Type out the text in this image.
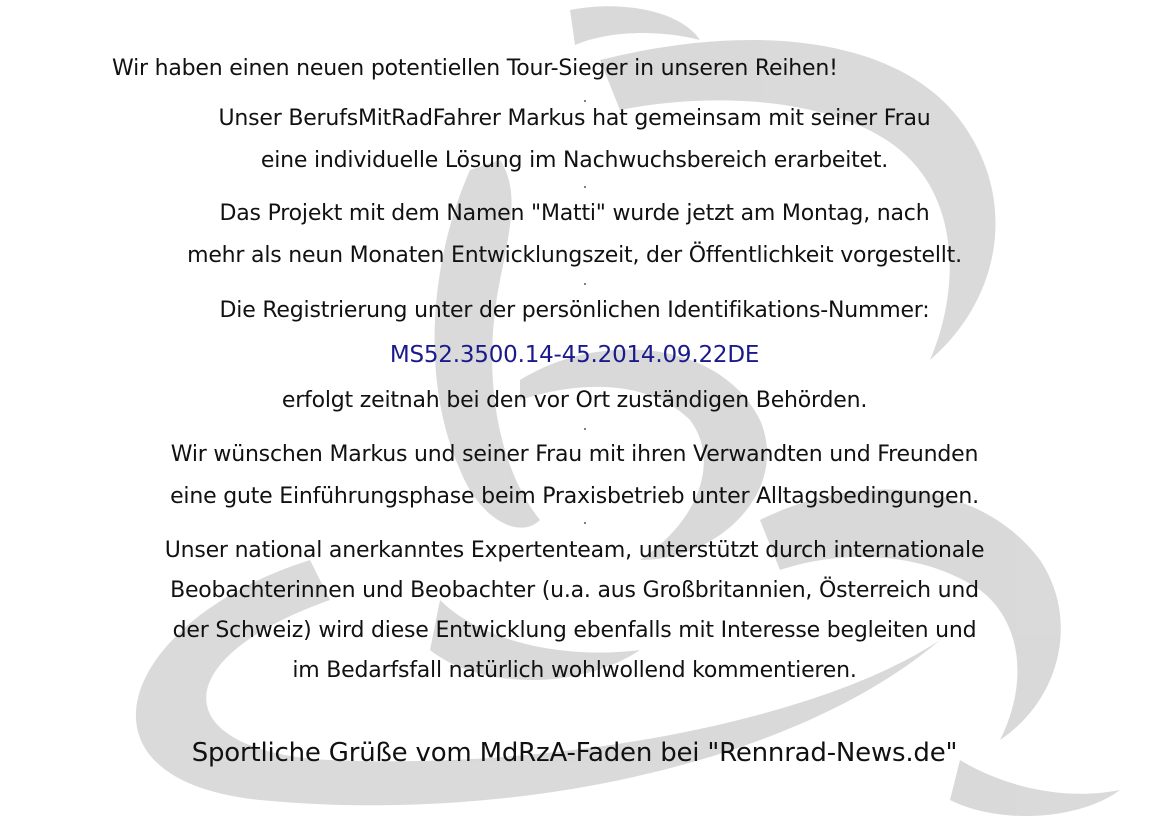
Wir haben einen neuen potentiellen Tour-Sieger in unseren Reihen!
Unser BerufsMitRadFahrer Markus hat gemeinsam mit seiner Frau
eine individuelle Lösung im Nachwuchsbereich erarbeitet.
Das Projekt mit dem Namen "Matti" wurde jetzt am Montag, nach
mehr als neun Monaten Entwicklungszeit, der Öffentlichkeit vorgestellt.
Die Registrierung unter der persönlichen Identifikations-Nummer:
MS52.3500.14-45.2014.09.22DE
erfolgt zeitnah bei den vor Ort zuständigen Behörden.
Wir wünschen Markus und seiner Frau mit ihren Verwandten und Freunden
eine gute Einführungsphase beim Praxisbetrieb unter Alltagsbedingungen.
Unser national anerkanntes Expertenteam, unterstützt durch internationale
Beobachterinnen und Beobachter (u.a. aus Großbritannien, Österreich und
der Schweiz) wird diese Entwicklung ebenfalls mit Interesse begleiten und
im Bedarfsfall natürlich wohlwollend kommentieren.
Sportliche Grüße vom MdRzA-Faden bei "Rennrad-News.de"
